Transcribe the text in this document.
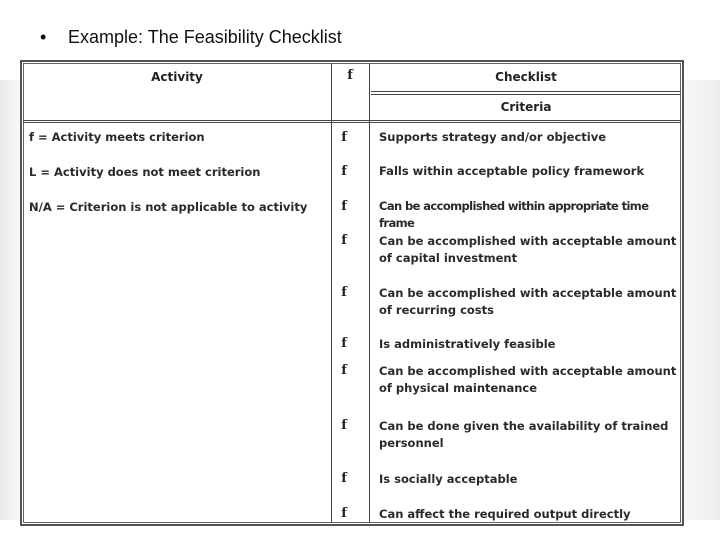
• Example: The Feasibility Checklist
Activity	f	Checklist
Criteria
f = Activity meets criterion
L = Activity does not meet criterion
N/A = Criterion is not applicable to activity
f
f
f
f
f
f
f
f
f
f
Supports strategy and/or objective
Falls within acceptable policy framework
Can be accomplished within appropriate time frame
Can be accomplished with acceptable amount of capital investment
Can be accomplished with acceptable amount of recurring costs
Is administratively feasible
Can be accomplished with acceptable amount of physical maintenance
Can be done given the availability of trained personnel
Is socially acceptable
Can affect the required output directly
